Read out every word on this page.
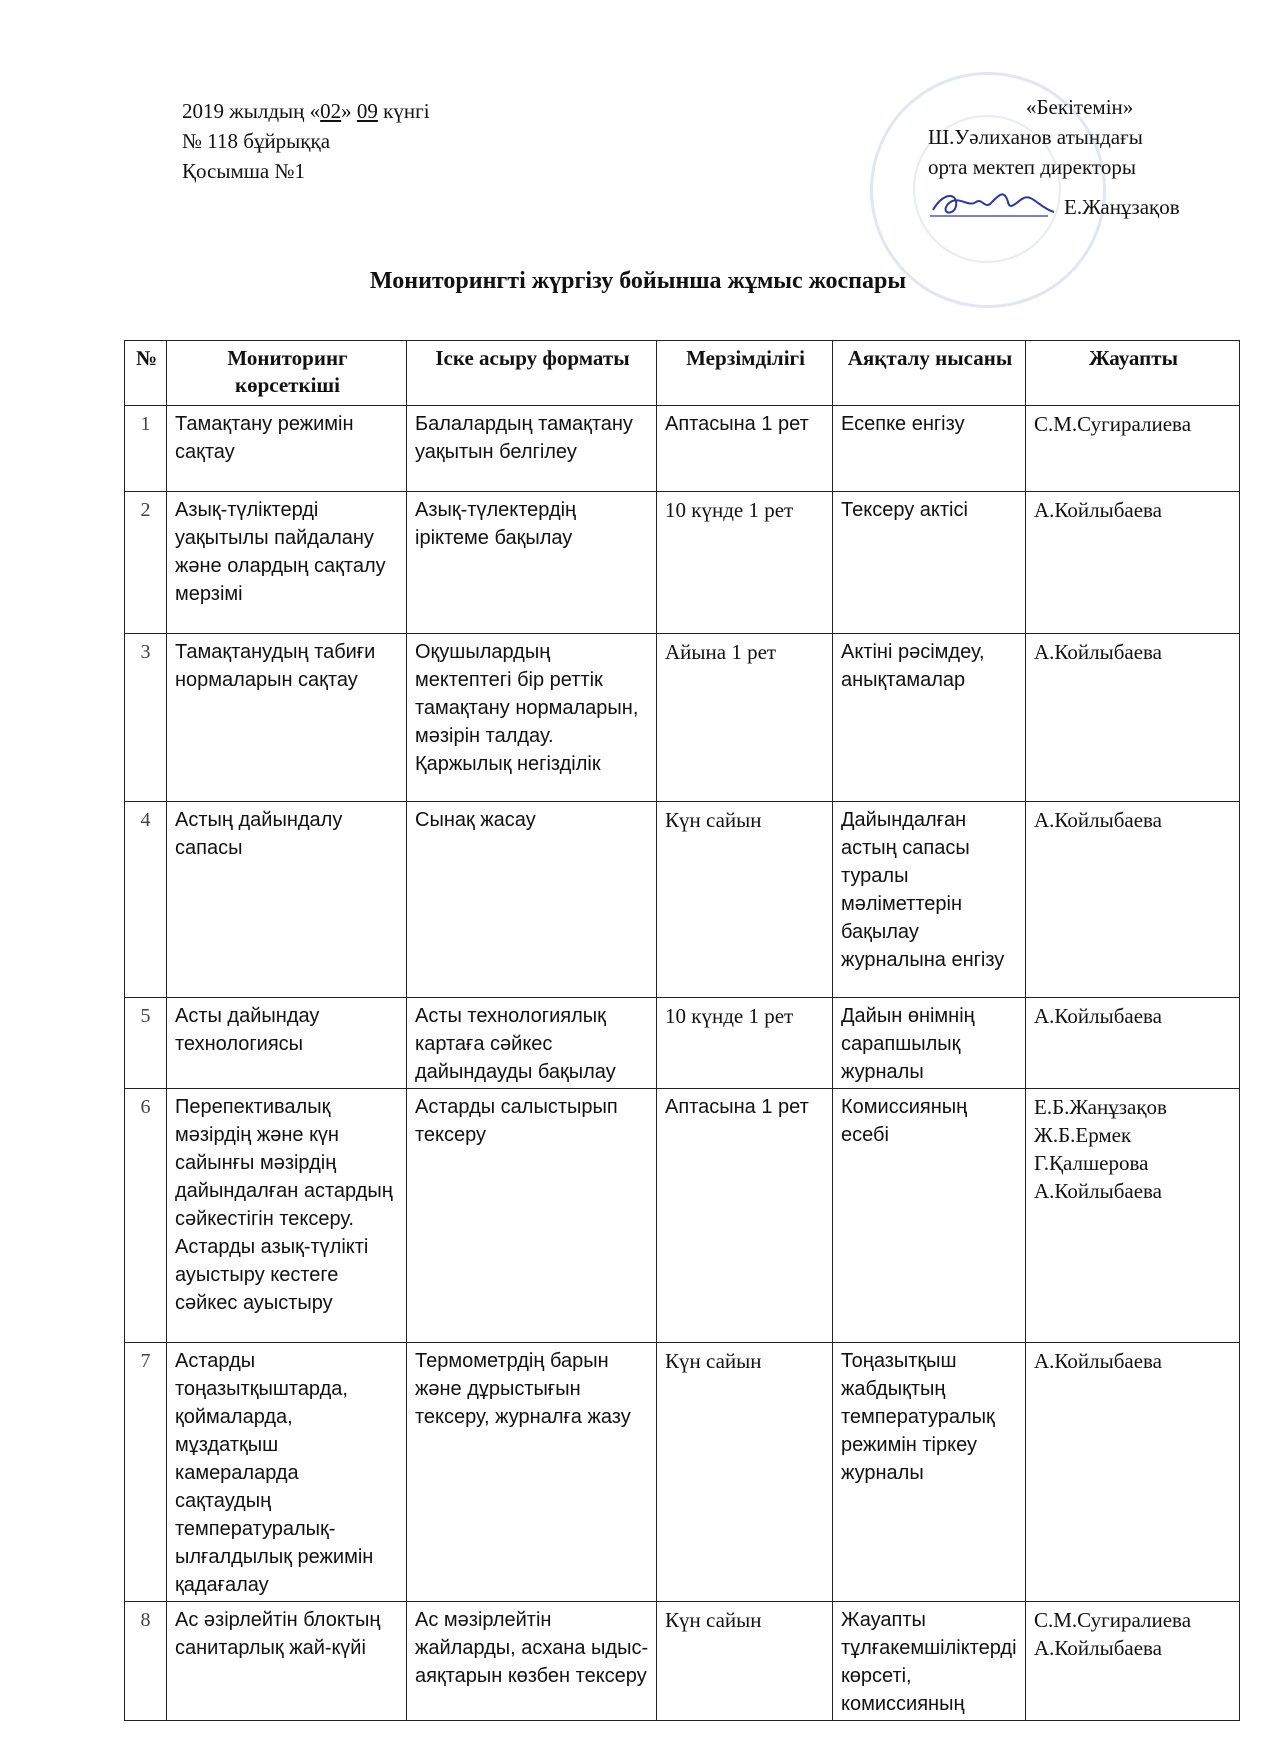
2019 жылдың «02» 09 күнгі
№ 118 бұйрыққа
Қосымша №1
«Бекітемін»
Ш.Уәлиханов атындағы
орта мектеп директоры
Е.Жанұзақов
Мониторингті жүргізу бойынша жұмыс жоспары
№	Мониторинг көрсеткіші	Іске асыру форматы	Мерзімділігі	Аяқталу нысаны	Жауапты
1	Тамақтану режимін сақтау	Балалардың тамақтану уақытын белгілеу	Аптасына 1 рет	Есепке енгізу	С.М.Сугиралиева
2	Азық-түліктерді уақытылы пайдалану және олардың сақталу мерзімі	Азық-түлектердің іріктеме бақылау	10 күнде 1 рет	Тексеру актісі	А.Койлыбаева
3	Тамақтанудың табиғи нормаларын сақтау	Оқушылардың мектептегі бір реттік тамақтану нормаларын, мәзірін талдау. Қаржылық негізділік	Айына 1 рет	Актіні рәсімдеу, анықтамалар	А.Койлыбаева
4	Астың дайындалу сапасы	Сынақ жасау	Күн сайын	Дайындалған астың сапасы туралы мәліметтерін бақылау журналына енгізу	А.Койлыбаева
5	Асты дайындау технологиясы	Асты технологиялық картаға сәйкес дайындауды бақылау	10 күнде 1 рет	Дайын өнімнің сарапшылық журналы	А.Койлыбаева
6	Перепективалық мәзірдің және күн сайынғы мәзірдің дайындалған астардың сәйкестігін тексеру. Астарды азық-түлікті ауыстыру кестеге сәйкес ауыстыру	Астарды салыстырып тексеру	Аптасына 1 рет	Комиссияның есебі	Е.Б.Жанұзақов Ж.Б.Ермек Г.Қалшерова А.Койлыбаева
7	Астарды тоңазытқыштарда, қоймаларда, мұздатқыш камераларда сақтаудың температуралық-ылғалдылық режимін қадағалау	Термометрдің барын және дұрыстығын тексеру, журналға жазу	Күн сайын	Тоңазытқыш жабдықтың температуралық режимін тіркеу журналы	А.Койлыбаева
8	Ас әзірлейтін блоктың санитарлық жай-күйі	Ас мәзірлейтін жайларды, асхана ыдыс-аяқтарын көзбен тексеру	Күн сайын	Жауапты тұлғакемшіліктерді көрсеті, комиссияның	С.М.Сугиралиева А.Койлыбаева
